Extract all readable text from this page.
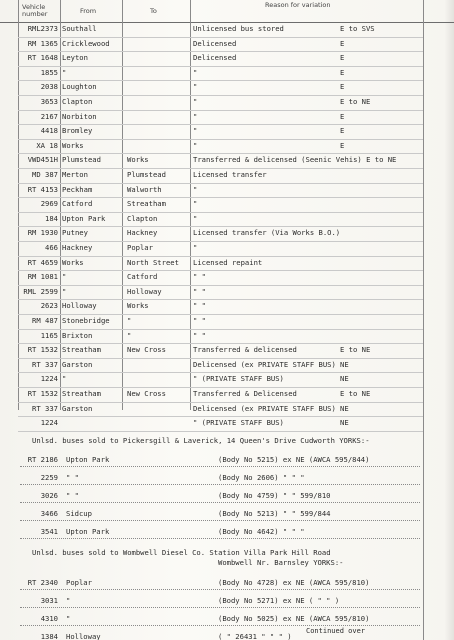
Vehicle number	From	To
Reason for variation
RML2373 Southall	Unlicensed bus stored	E to SVS
RM 1365 Cricklewood	Delicensed	E
RT 1648 Leyton	Delicensed	E
1855 "	"	E
2038 Loughton	"	E
3653 Clapton	"	E to NE
2167 Norbiton	"	E
4418 Bromley	"	E
XA 18 Works	"	E
VWD451H Plumstead	Works	Transferred & delicensed (Seenic Vehis) E to NE
MD 387 Merton	Plumstead	Licensed transfer
RT 4153 Peckham	Walworth	"
2969 Catford	Streatham	"
184 Upton Park	Clapton	"
RM 1930 Putney	Hackney	Licensed transfer (Via Works B.O.)
466 Hackney	Poplar	"
RT 4659 Works	North Street	Licensed repaint
RM 1081 "	Catford	" "
RML 2599 "	Holloway	" "
2623 Holloway	Works	" "
RM 487 Stonebridge	"	" "
1165 Brixton	"	" "
RT 1532 Streatham	New Cross	Transferred & delicensed	E to NE
RT 337 Garston	Delicensed (ex PRIVATE STAFF BUS) NE
1224 "	" (PRIVATE STAFF BUS)	NE
RT 1532 Streatham	New Cross	Transferred & Delicensed	E to NE
RT 337 Garston	Delicensed (ex PRIVATE STAFF BUS) NE
1224	" (PRIVATE STAFF BUS)	NE
Unlsd. buses sold to Pickersgill & Laverick, 14 Queen's Drive Cudworth YORKS:-
RT 2186 Upton Park	(Body No 5215) ex NE (AWCA 595/844)
2259 " "	(Body No 2606) " " "
3026 " "	(Body No 4759) " " 599/810
3466 Sidcup	(Body No 5213) " " 599/844
3541 Upton Park	(Body No 4642) " " "
Unlsd. buses sold to Wombwell Diesel Co. Station Villa Park Hill Road
Wombwell Nr. Barnsley YORKS:-
RT 2340 Poplar	(Body No 4728) ex NE (AWCA 595/810)
3031 "	(Body No 5271) ex NE ( " " )
4310 "	(Body No 5025) ex NE (AWCA 595/810)
1384 Holloway	( " 26431 " " " )
Continued over
